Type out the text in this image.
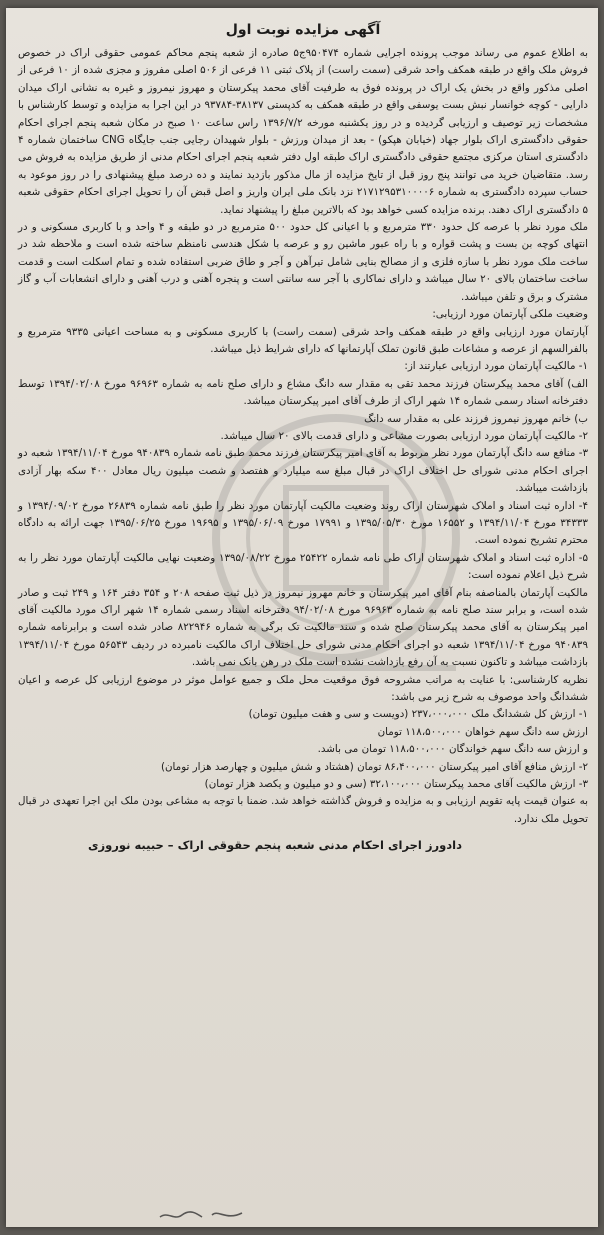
آگهی مزایده نوبت اول

به اطلاع عموم می رساند موجب پرونده اجرایی شماره ۹۵۰۴۷۴ج۵ صادره از شعبه پنجم محاکم عمومی حقوقی اراک در خصوص فروش ملک واقع در طبقه همکف واحد شرقی (سمت راست) از پلاک ثبتی ۱۱ فرعی از ۵۰۶ اصلی مفروز و مجزی شده از ۱۰ فرعی از اصلی مذکور واقع در بخش یک اراک در پرونده فوق به طرفیت آقای محمد پیکرستان و مهروز نیمروز و غیره به نشانی اراک میدان دارایی - کوچه خوانسار نبش بست یوسفی واقع در طبقه همکف به کدپستی ۳۸۱۳۷-۹۳۷۸۴ در این اجرا به مزایده و توسط کارشناس با مشخصات زیر توصیف و ارزیابی گردیده و در روز یکشنبه مورخه ۱۳۹۶/۷/۲ راس ساعت ۱۰ صبح در مکان شعبه پنجم اجرای احکام حقوقی دادگستری اراک بلوار جهاد (خیابان هپکو) - بعد از میدان ورزش - بلوار شهیدان رجایی جنب جایگاه CNG ساختمان شماره ۴ دادگستری استان مرکزی مجتمع حقوقی دادگستری اراک طبقه اول دفتر شعبه پنجم اجرای احکام مدنی از طریق مزایده به فروش می رسد. متقاضیان خرید می توانند پنج روز قبل از تایخ مزایده از مال مذکور بازدید نمایند و ده درصد مبلغ پیشنهادی را در روز موعود به حساب سپرده دادگستری به شماره ۲۱۷۱۲۹۵۳۱۰۰۰۰۶ نزد بانک ملی ایران واریز و اصل قبض آن را تحویل اجرای احکام حقوقی شعبه ۵ دادگستری اراک دهند. برنده مزایده کسی خواهد بود که بالاترین مبلغ را پیشنهاد نماید.

ملک مورد نظر با عرصه کل حدود ۳۳۰ مترمربع و با اعیانی کل حدود ۵۰۰ مترمربع در دو طبقه و ۴ واحد و با کاربری مسکونی و در انتهای کوچه بن بست و پشت قواره و با راه عبور ماشین رو و عرصه با شکل هندسی نامنظم ساخته شده است و ملاحظه شد در ساخت ملک مورد نظر با سازه فلزی و از مصالح بنایی شامل تیرآهن و آجر و طاق ضربی استفاده شده و تمام اسکلت است و قدمت ساخت ساختمان بالای ۲۰ سال میباشد و دارای نماکاری با آجر سه سانتی است و پنجره آهنی و درب آهنی و دارای انشعابات آب و گاز مشترک و برق و تلفن میباشد.

وضعیت ملکی آپارتمان مورد ارزیابی:

آپارتمان مورد ارزیابی واقع در طبقه همکف واحد شرقی (سمت راست) با کاربری مسکونی و به مساحت اعیانی ۹۳۳۵ مترمربع و بالفرالسهم از عرصه و مشاعات طبق قانون تملک آپارتمانها که دارای شرایط ذیل میباشد.

۱- مالکیت آپارتمان مورد ارزیابی عبارتند از:

الف) آقای محمد پیکرستان فرزند محمد تقی به مقدار سه دانگ مشاع و دارای صلح نامه به شماره ۹۶۹۶۳ مورخ ۱۳۹۴/۰۲/۰۸ توسط دفترخانه اسناد رسمی شماره ۱۴ شهر اراک از طرف آقای امیر پیکرستان میباشد.

ب) خانم مهروز نیمروز فرزند علی به مقدار سه دانگ

۲- مالکیت آپارتمان مورد ارزیابی بصورت مشاعی و دارای قدمت بالای ۲۰ سال میباشد.

۳- منافع سه دانگ آپارتمان مورد نظر مربوط به آقای امیر پیکرستان فرزند محمد طبق نامه شماره ۹۴۰۸۳۹ مورخ ۱۳۹۴/۱۱/۰۴ شعبه دو اجرای احکام مدنی شورای حل اختلاف اراک در قبال مبلغ سه میلیارد و هفتصد و شصت میلیون ریال معادل ۴۰۰ سکه بهار آزادی بازداشت میباشد.

۴- اداره ثبت اسناد و املاک شهرستان اراک روند وضعیت مالکیت آپارتمان مورد نظر را طبق نامه شماره ۲۶۸۳۹ مورخ ۱۳۹۴/۰۹/۰۲ و ۳۴۳۳۳ مورخ ۱۳۹۴/۱۱/۰۴ و ۱۶۵۵۲ مورخ ۱۳۹۵/۰۵/۳۰ و ۱۷۹۹۱ مورخ ۱۳۹۵/۰۶/۰۹ و ۱۹۶۹۵ مورخ ۱۳۹۵/۰۶/۲۵ جهت ارائه به دادگاه محترم تشریح نموده است.

۵- اداره ثبت اسناد و املاک شهرستان اراک طی نامه شماره ۲۵۴۲۲ مورخ ۱۳۹۵/۰۸/۲۲ وضعیت نهایی مالکیت آپارتمان مورد نظر را به شرح ذیل اعلام نموده است:

مالکیت آپارتمان بالمناصفه بنام آقای امیر پیکرستان و خانم مهروز نیمروز در ذیل ثبت صفحه ۲۰۸ و ۳۵۴ دفتر ۱۶۴ و ۲۴۹ ثبت و صادر شده است، و برابر سند صلح نامه به شماره ۹۶۹۶۳ مورخ ۹۴/۰۲/۰۸ دفترخانه اسناد رسمی شماره ۱۴ شهر اراک مورد مالکیت آقای امیر پیکرستان به آقای محمد پیکرستان صلح شده و سند مالکیت تک برگی به شماره ۸۲۲۹۴۶ صادر شده است و برابرنامه شماره ۹۴۰۸۳۹ مورخ ۱۳۹۴/۱۱/۰۴ شعبه دو اجرای احکام مدنی شورای حل اختلاف اراک مالکیت نامبرده در ردیف ۵۶۵۴۳ مورخ ۱۳۹۴/۱۱/۰۴ بازداشت میباشد و تاکنون نسبت به آن رفع بازداشت نشده است ملک در رهن بانک نمی باشد.

نظریه کارشناسی: با عنایت به مراتب مشروحه فوق موقعیت محل ملک و جمیع عوامل موثر در موضوع ارزیابی کل عرصه و اعیان ششدانگ واحد موصوف به شرح زیر می باشد:

۱- ارزش کل ششدانگ ملک ۲۳۷،۰۰۰،۰۰۰ (دویست و سی و هفت میلیون تومان)

ارزش سه دانگ سهم خواهان ۱۱۸،۵۰۰،۰۰۰ تومان

و ارزش سه دانگ سهم خواندگان ۱۱۸،۵۰۰،۰۰۰ تومان می باشد.

۲- ارزش منافع آقای امیر پیکرستان ۸۶،۴۰۰،۰۰۰ تومان (هشتاد و شش میلیون و چهارصد هزار تومان)

۳- ارزش مالکیت آقای محمد پیکرستان ۳۲،۱۰۰،۰۰۰ (سی و دو میلیون و یکصد هزار تومان)

به عنوان قیمت پایه تقویم ارزیابی و به مزایده و فروش گذاشته خواهد شد. ضمنا با توجه به مشاعی بودن ملک این اجرا تعهدی در قبال تحویل ملک ندارد.

دادورز اجرای احکام مدنی شعبه پنجم حقوقی اراک – حبیبه نوروزی
